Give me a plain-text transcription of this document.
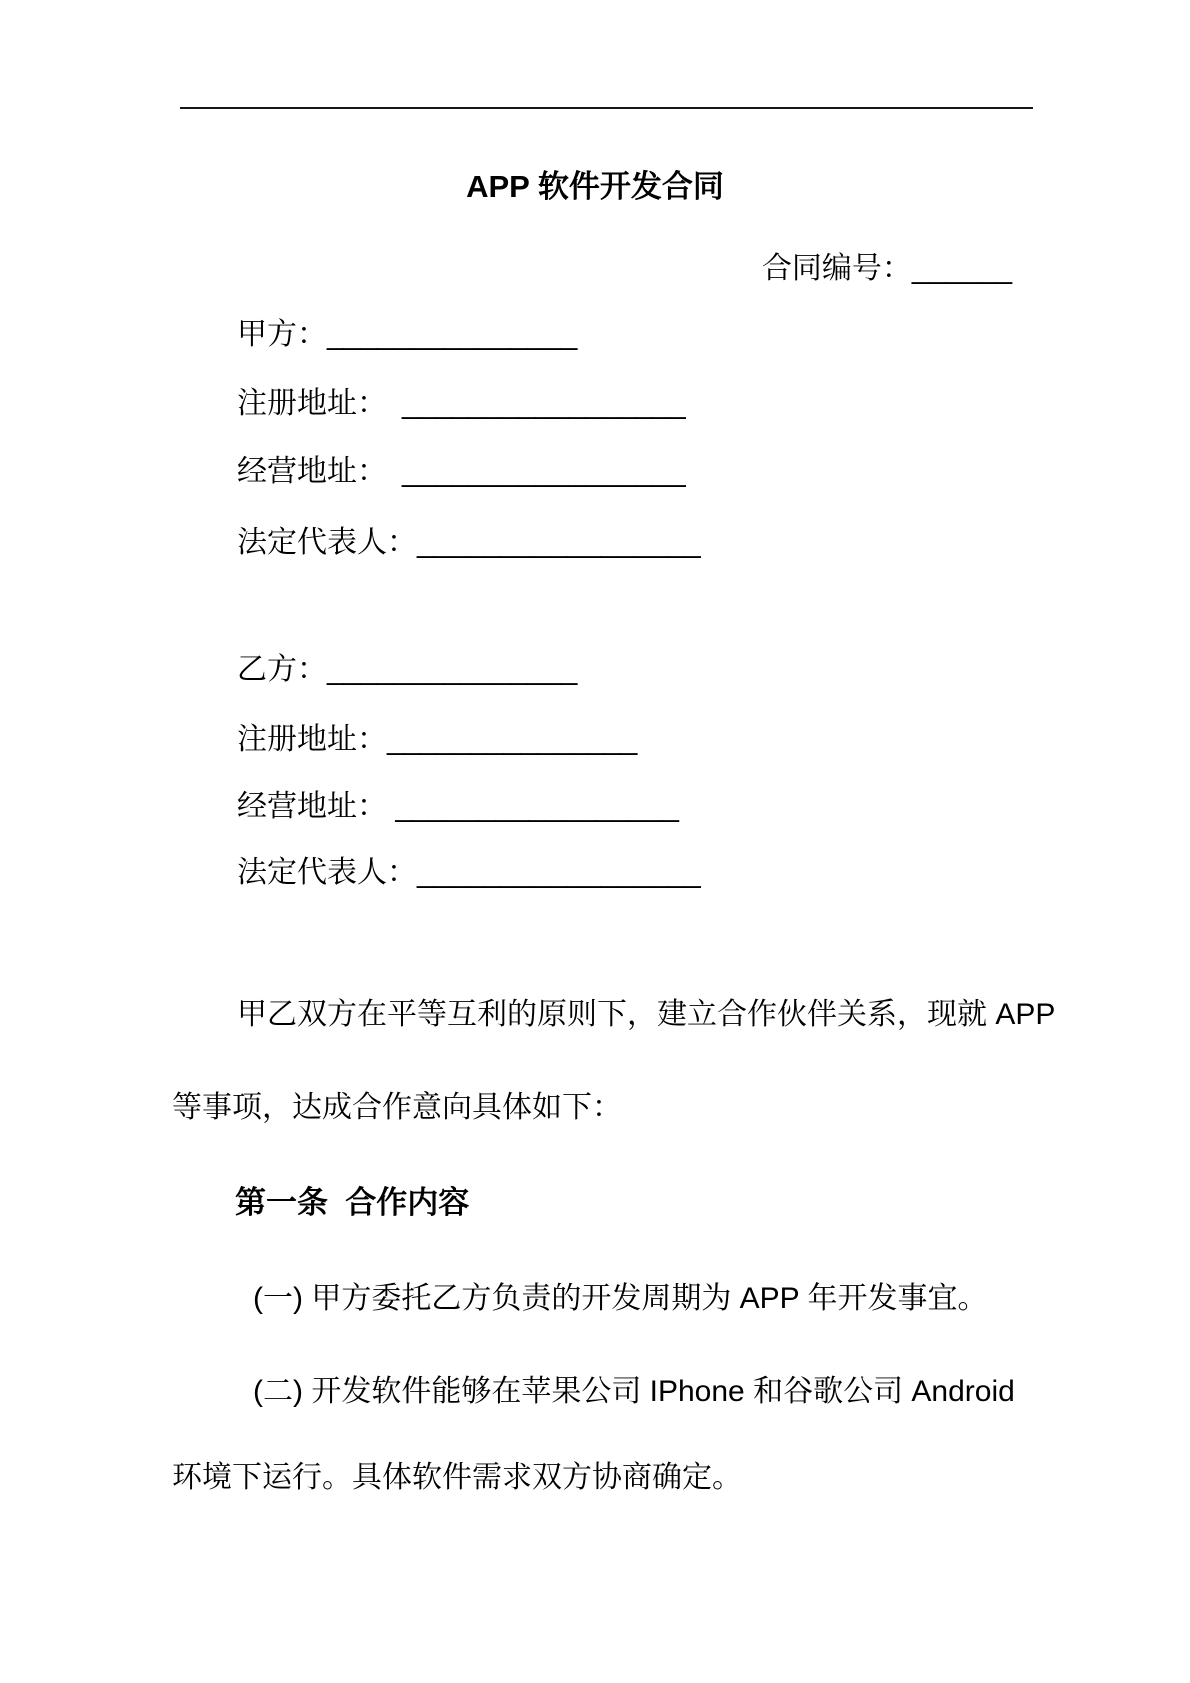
APP 软件开发合同
合同编号：______
甲方：_______________
注册地址：　_________________
经营地址：　_________________
法定代表人：_________________
乙方：_______________
注册地址：_______________
经营地址： _________________
法定代表人：_________________
甲乙双方在平等互利的原则下，建立合作伙伴关系，现就 APP
等事项，达成合作意向具体如下：
第一条  合作内容
(一) 甲方委托乙方负责的开发周期为 APP 年开发事宜。
(二) 开发软件能够在苹果公司 IPhone 和谷歌公司 Android
环境下运行。具体软件需求双方协商确定。
